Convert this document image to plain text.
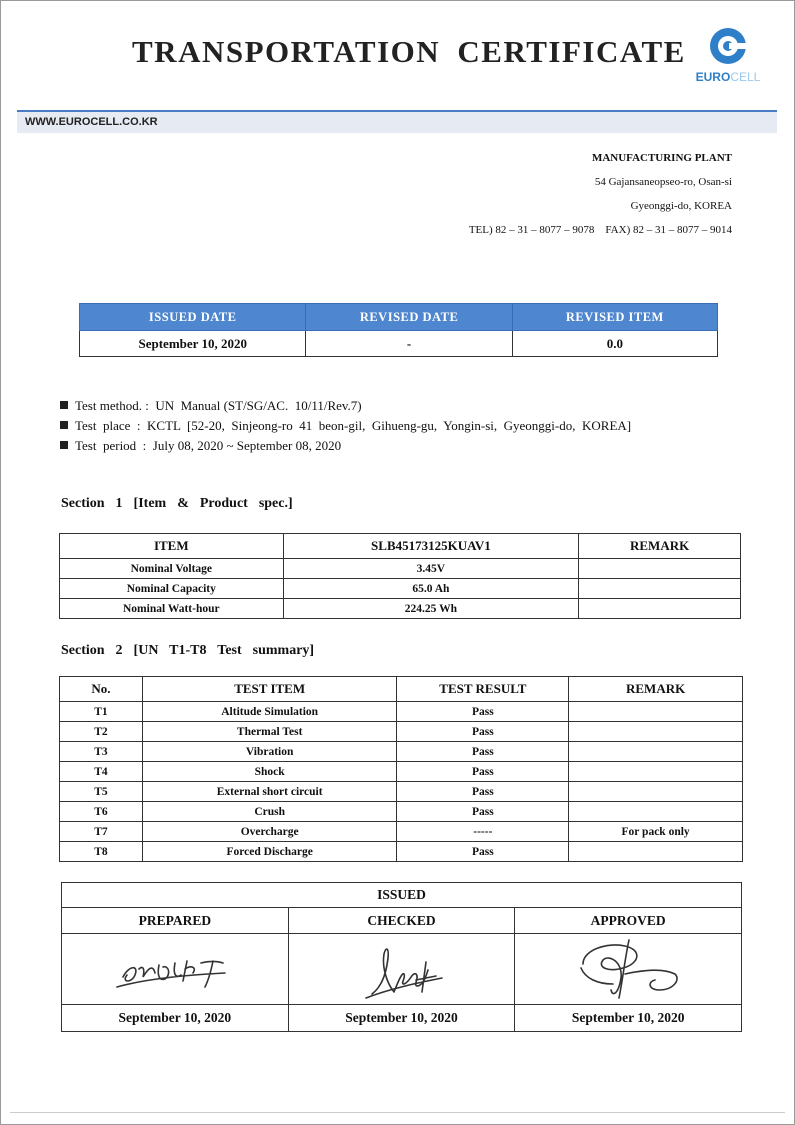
TRANSPORTATION CERTIFICATE
EUROCELL
WWW.EUROCELL.CO.KR
MANUFACTURING PLANT
54 Gajansaneopseo-ro, Osan-si
Gyeonggi-do, KOREA
TEL) 82 – 31 – 8077 – 9078    FAX) 82 – 31 – 8077 – 9014
ISSUED DATE	REVISED DATE	REVISED ITEM
September 10, 2020	-	0.0
Test method. :  UN  Manual (ST/SG/AC.  10/11/Rev.7)
Test  place  :  KCTL  [52-20,  Sinjeong-ro  41  beon-gil,  Gihueng-gu,  Yongin-si,  Gyeonggi-do,  KOREA]
Test  period  :  July 08, 2020 ~ September 08, 2020
Section  1  [Item  &  Product  spec.]
ITEM	SLB45173125KUAV1	REMARK
Nominal Voltage	3.45V	
Nominal Capacity	65.0 Ah	
Nominal Watt-hour	224.25 Wh	
Section  2  [UN  T1-T8  Test  summary]
No.	TEST ITEM	TEST RESULT	REMARK
T1	Altitude Simulation	Pass	
T2	Thermal Test	Pass	
T3	Vibration	Pass	
T4	Shock	Pass	
T5	External short circuit	Pass	
T6	Crush	Pass	
T7	Overcharge	-----	For pack only
T8	Forced Discharge	Pass	
ISSUED		
PREPARED	CHECKED	APPROVED

September 10, 2020	September 10, 2020	September 10, 2020
